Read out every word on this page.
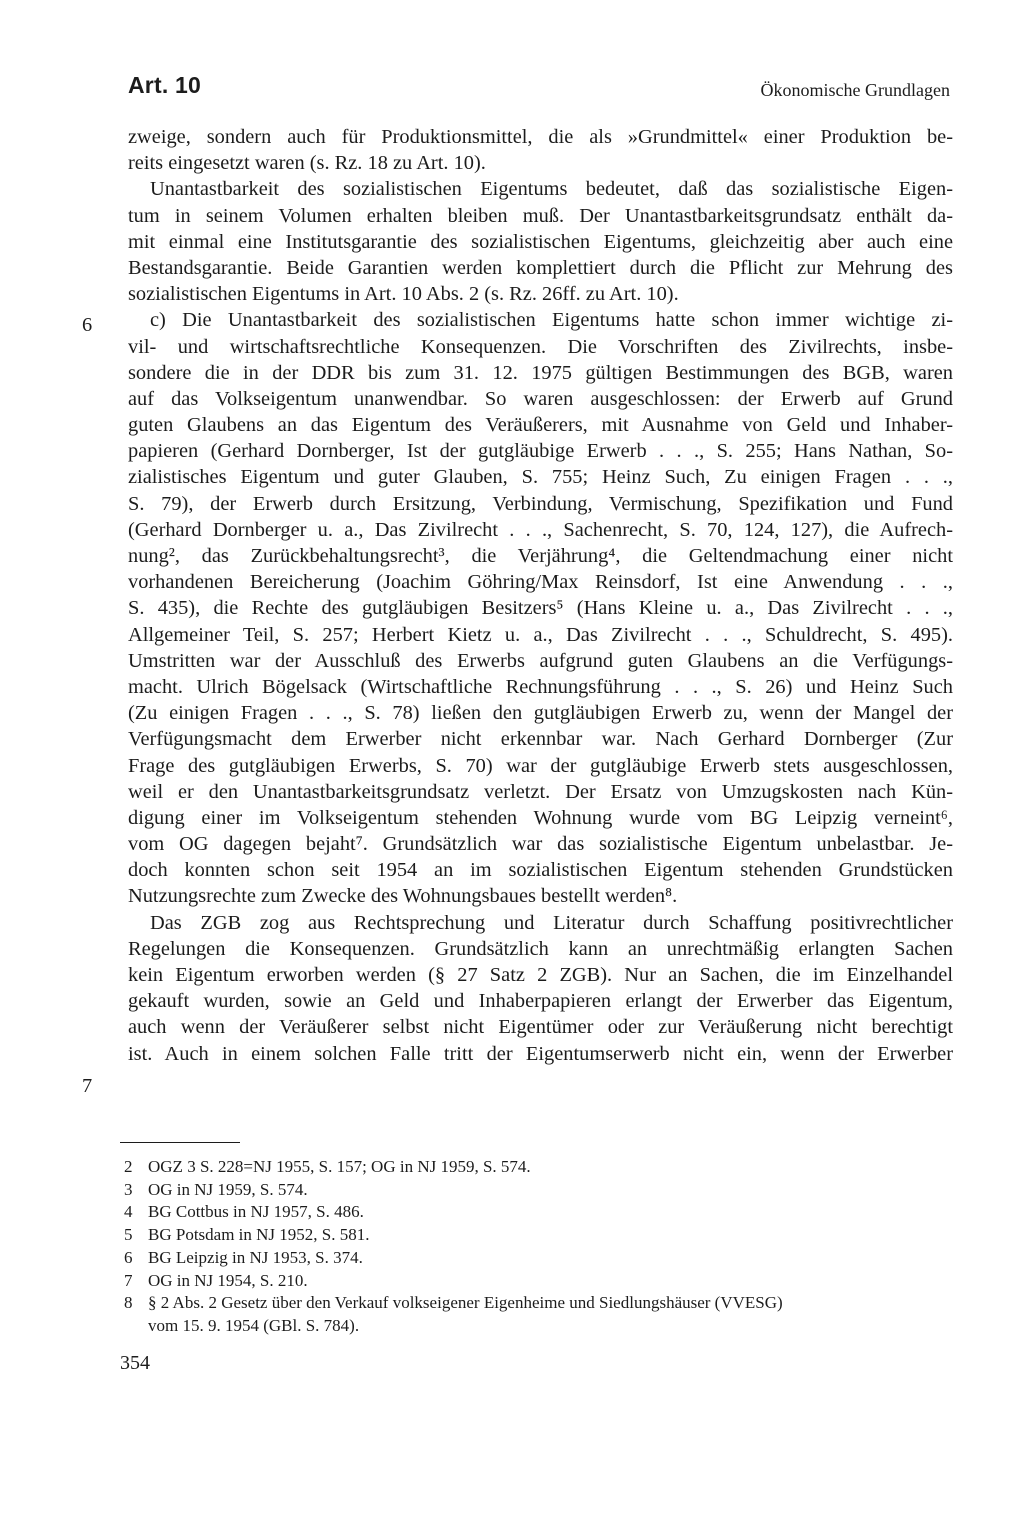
Art. 10	Ökonomische Grundlagen
6
7
zweige, sondern auch für Produktionsmittel, die als »Grundmittel« einer Produktion be-
reits eingesetzt waren (s. Rz. 18 zu Art. 10).
Unantastbarkeit des sozialistischen Eigentums bedeutet, daß das sozialistische Eigen-
tum in seinem Volumen erhalten bleiben muß. Der Unantastbarkeitsgrundsatz enthält da-
mit einmal eine Institutsgarantie des sozialistischen Eigentums, gleichzeitig aber auch eine
Bestandsgarantie. Beide Garantien werden komplettiert durch die Pflicht zur Mehrung des
sozialistischen Eigentums in Art. 10 Abs. 2 (s. Rz. 26ff. zu Art. 10).
c) Die Unantastbarkeit des sozialistischen Eigentums hatte schon immer wichtige zi-
vil- und wirtschaftsrechtliche Konsequenzen. Die Vorschriften des Zivilrechts, insbe-
sondere die in der DDR bis zum 31. 12. 1975 gültigen Bestimmungen des BGB, waren
auf das Volkseigentum unanwendbar. So waren ausgeschlossen: der Erwerb auf Grund
guten Glaubens an das Eigentum des Veräußerers, mit Ausnahme von Geld und Inhaber-
papieren (Gerhard Dornberger, Ist der gutgläubige Erwerb . . ., S. 255; Hans Nathan, So-
zialistisches Eigentum und guter Glauben, S. 755; Heinz Such, Zu einigen Fragen . . .,
S. 79), der Erwerb durch Ersitzung, Verbindung, Vermischung, Spezifikation und Fund
(Gerhard Dornberger u. a., Das Zivilrecht . . ., Sachenrecht, S. 70, 124, 127), die Aufrech-
nung², das Zurückbehaltungsrecht³, die Verjährung⁴, die Geltendmachung einer nicht
vorhandenen Bereicherung (Joachim Göhring/Max Reinsdorf, Ist eine Anwendung . . .,
S. 435), die Rechte des gutgläubigen Besitzers⁵ (Hans Kleine u. a., Das Zivilrecht . . .,
Allgemeiner Teil, S. 257; Herbert Kietz u. a., Das Zivilrecht . . ., Schuldrecht, S. 495).
Umstritten war der Ausschluß des Erwerbs aufgrund guten Glaubens an die Verfügungs-
macht. Ulrich Bögelsack (Wirtschaftliche Rechnungsführung . . ., S. 26) und Heinz Such
(Zu einigen Fragen . . ., S. 78) ließen den gutgläubigen Erwerb zu, wenn der Mangel der
Verfügungsmacht dem Erwerber nicht erkennbar war. Nach Gerhard Dornberger (Zur
Frage des gutgläubigen Erwerbs, S. 70) war der gutgläubige Erwerb stets ausgeschlossen,
weil er den Unantastbarkeitsgrundsatz verletzt. Der Ersatz von Umzugskosten nach Kün-
digung einer im Volkseigentum stehenden Wohnung wurde vom BG Leipzig verneint⁶,
vom OG dagegen bejaht⁷. Grundsätzlich war das sozialistische Eigentum unbelastbar. Je-
doch konnten schon seit 1954 an im sozialistischen Eigentum stehenden Grundstücken
Nutzungsrechte zum Zwecke des Wohnungsbaues bestellt werden⁸.
Das ZGB zog aus Rechtsprechung und Literatur durch Schaffung positivrechtlicher
Regelungen die Konsequenzen. Grundsätzlich kann an unrechtmäßig erlangten Sachen
kein Eigentum erworben werden (§ 27 Satz 2 ZGB). Nur an Sachen, die im Einzelhandel
gekauft wurden, sowie an Geld und Inhaberpapieren erlangt der Erwerber das Eigentum,
auch wenn der Veräußerer selbst nicht Eigentümer oder zur Veräußerung nicht berechtigt
ist. Auch in einem solchen Falle tritt der Eigentumserwerb nicht ein, wenn der Erwerber
2 OGZ 3 S. 228=NJ 1955, S. 157; OG in NJ 1959, S. 574.
3 OG in NJ 1959, S. 574.
4 BG Cottbus in NJ 1957, S. 486.
5 BG Potsdam in NJ 1952, S. 581.
6 BG Leipzig in NJ 1953, S. 374.
7 OG in NJ 1954, S. 210.
8 § 2 Abs. 2 Gesetz über den Verkauf volkseigener Eigenheime und Siedlungshäuser (VVESG)
vom 15. 9. 1954 (GBl. S. 784).
354
